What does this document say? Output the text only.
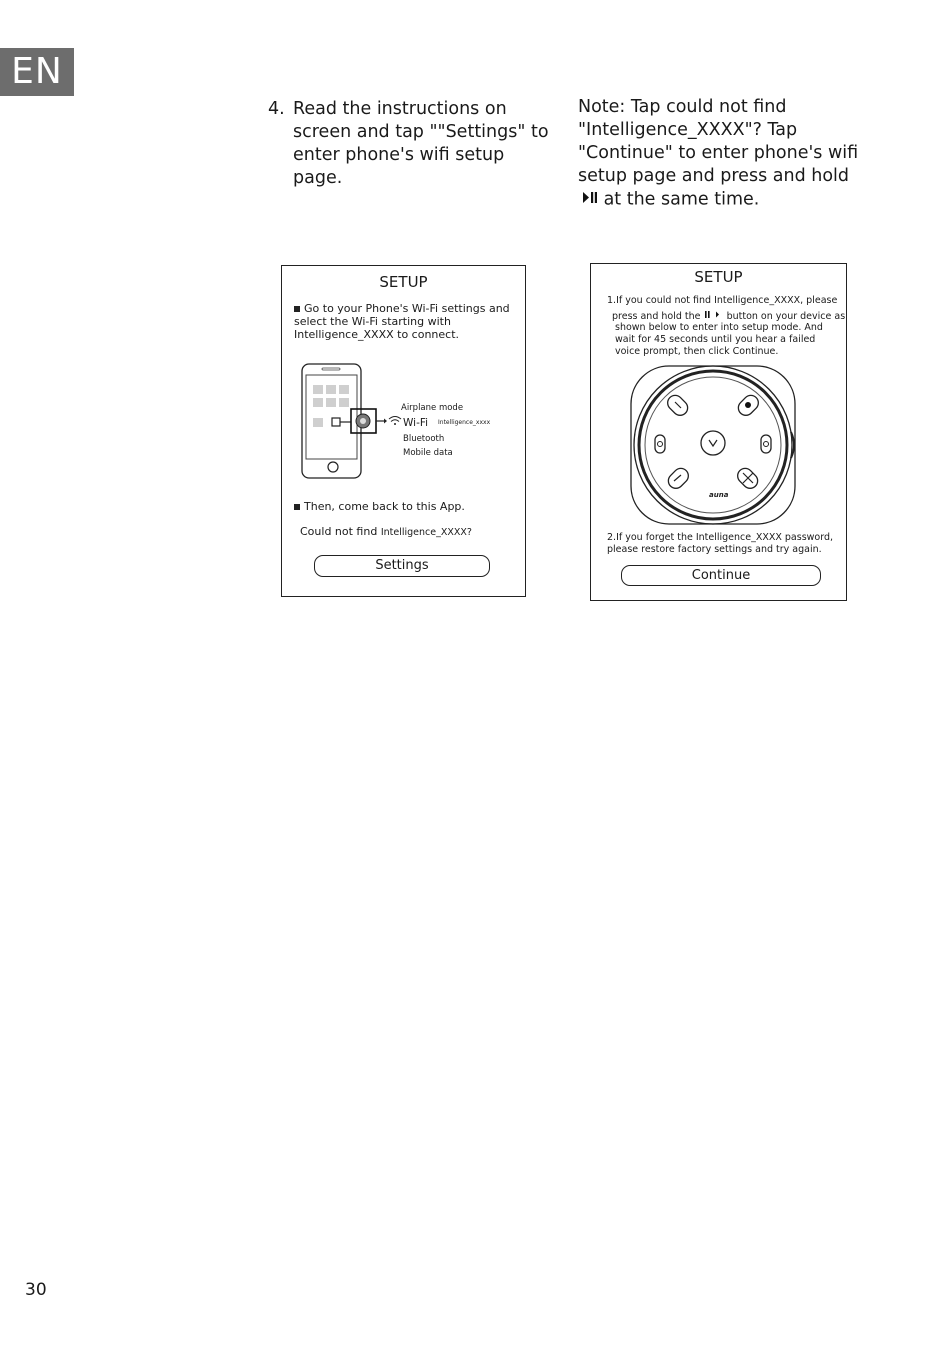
EN
4. Read the instructions on screen and tap ""Settings" to enter phone's wifi setup page.
Note: Tap could not find "Intelligence_XXXX"? Tap "Continue" to enter phone's wifi setup page and press and hold  at the same time.
SETUP
Go to your Phone's Wi-Fi settings and select the Wi-Fi starting with Intelligence_XXXX to connect.
Airplane mode
Wi-Fi Intelligence_xxxx
Bluetooth
Mobile data
Then, come back to this App.
Could not find Intelligence_XXXX?
Settings
SETUP
1.If you could not find Intelligence_XXXX, please
press and hold the	button on your device as
shown below to enter into setup mode. And wait for 45 seconds until you hear a failed voice prompt, then click Continue.
auna
2.If you forget the Intelligence_XXXX password, please restore factory settings and try again.
Continue
30
